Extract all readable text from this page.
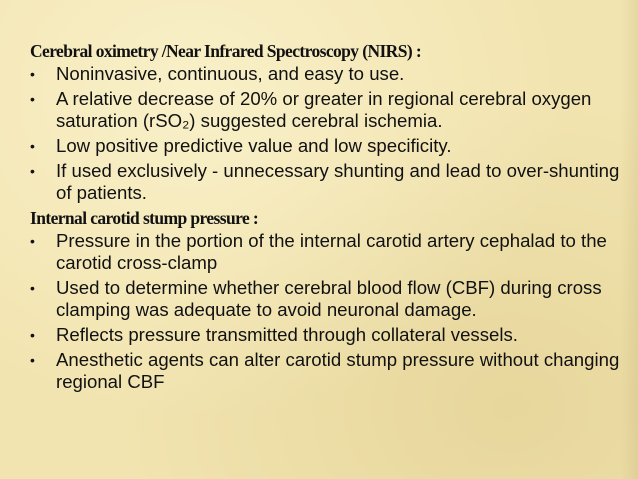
Cerebral oximetry /Near Infrared Spectroscopy (NIRS) :
• Noninvasive, continuous, and easy to use.
• A relative decrease of 20% or greater in regional cerebral oxygen saturation (rSO₂) suggested cerebral ischemia.
• Low positive predictive value and low specificity.
• If used exclusively - unnecessary shunting and lead to over-shunting of patients.
Internal carotid stump pressure :
• Pressure in the portion of the internal carotid artery cephalad to the carotid cross-clamp
• Used to determine whether cerebral blood flow (CBF) during cross clamping was adequate to avoid neuronal damage.
• Reflects pressure transmitted through collateral vessels.
• Anesthetic agents can alter carotid stump pressure without changing regional CBF
